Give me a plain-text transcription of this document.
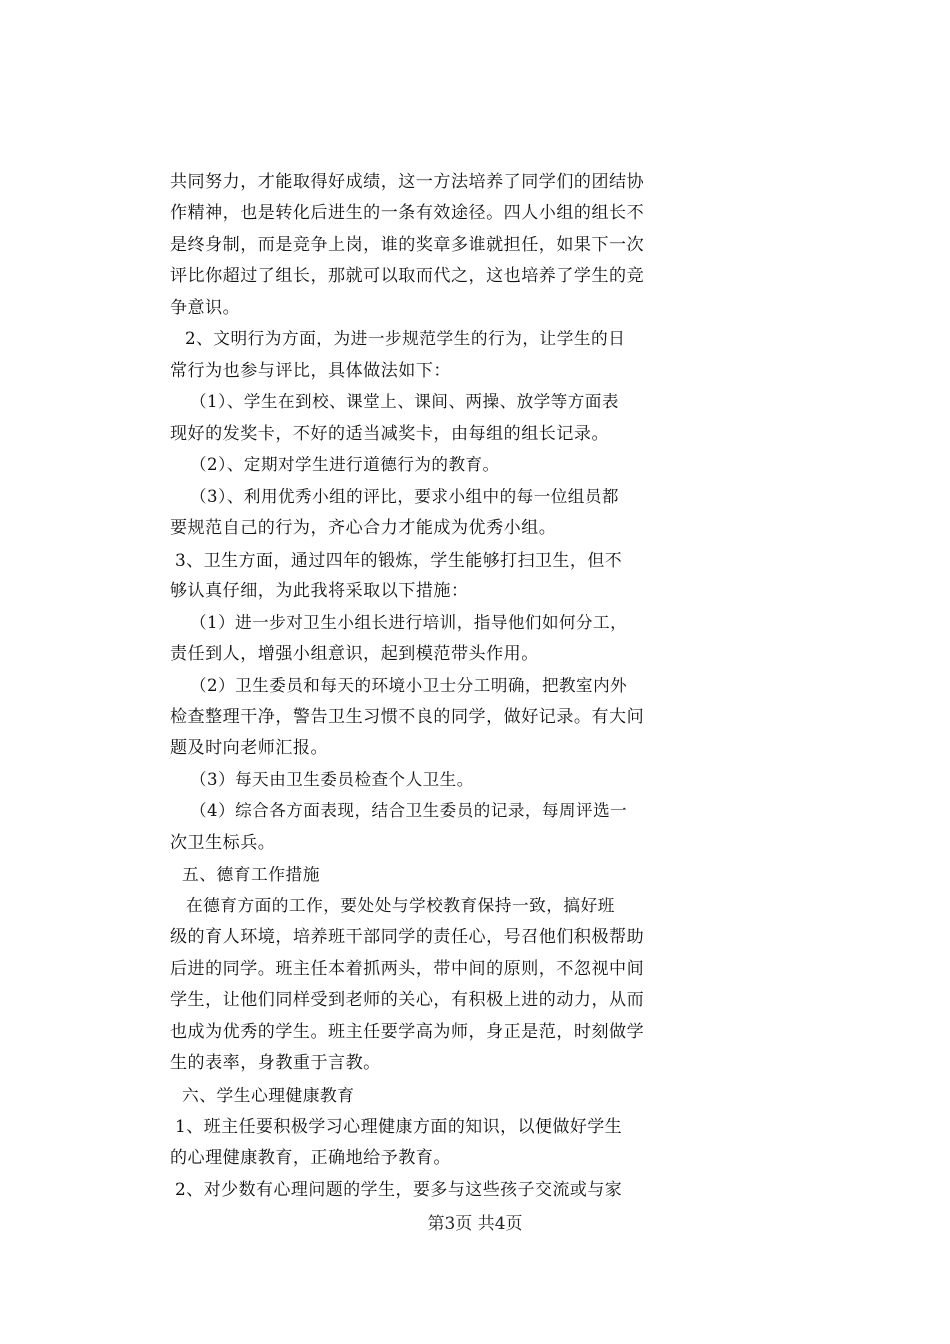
共同努力，才能取得好成绩，这一方法培养了同学们的团结协
作精神，也是转化后进生的一条有效途径。四人小组的组长不
是终身制，而是竞争上岗，谁的奖章多谁就担任，如果下一次
评比你超过了组长，那就可以取而代之，这也培养了学生的竞
争意识。
2、文明行为方面，为进一步规范学生的行为，让学生的日
常行为也参与评比，具体做法如下：
（1）、学生在到校、课堂上、课间、两操、放学等方面表
现好的发奖卡，不好的适当减奖卡，由每组的组长记录。
（2）、定期对学生进行道德行为的教育。
（3）、利用优秀小组的评比，要求小组中的每一位组员都
要规范自己的行为，齐心合力才能成为优秀小组。
3、卫生方面，通过四年的锻炼，学生能够打扫卫生，但不
够认真仔细，为此我将采取以下措施：
（1）进一步对卫生小组长进行培训，指导他们如何分工，
责任到人，增强小组意识，起到模范带头作用。
（2）卫生委员和每天的环境小卫士分工明确，把教室内外
检查整理干净，警告卫生习惯不良的同学，做好记录。有大问
题及时向老师汇报。
（3）每天由卫生委员检查个人卫生。
（4）综合各方面表现，结合卫生委员的记录，每周评选一
次卫生标兵。
五、德育工作措施
在德育方面的工作，要处处与学校教育保持一致，搞好班
级的育人环境，培养班干部同学的责任心，号召他们积极帮助
后进的同学。班主任本着抓两头，带中间的原则，不忽视中间
学生，让他们同样受到老师的关心，有积极上进的动力，从而
也成为优秀的学生。班主任要学高为师，身正是范，时刻做学
生的表率，身教重于言教。
六、学生心理健康教育
1、班主任要积极学习心理健康方面的知识，以便做好学生
的心理健康教育，正确地给予教育。
2、对少数有心理问题的学生，要多与这些孩子交流或与家
第3页 共4页
